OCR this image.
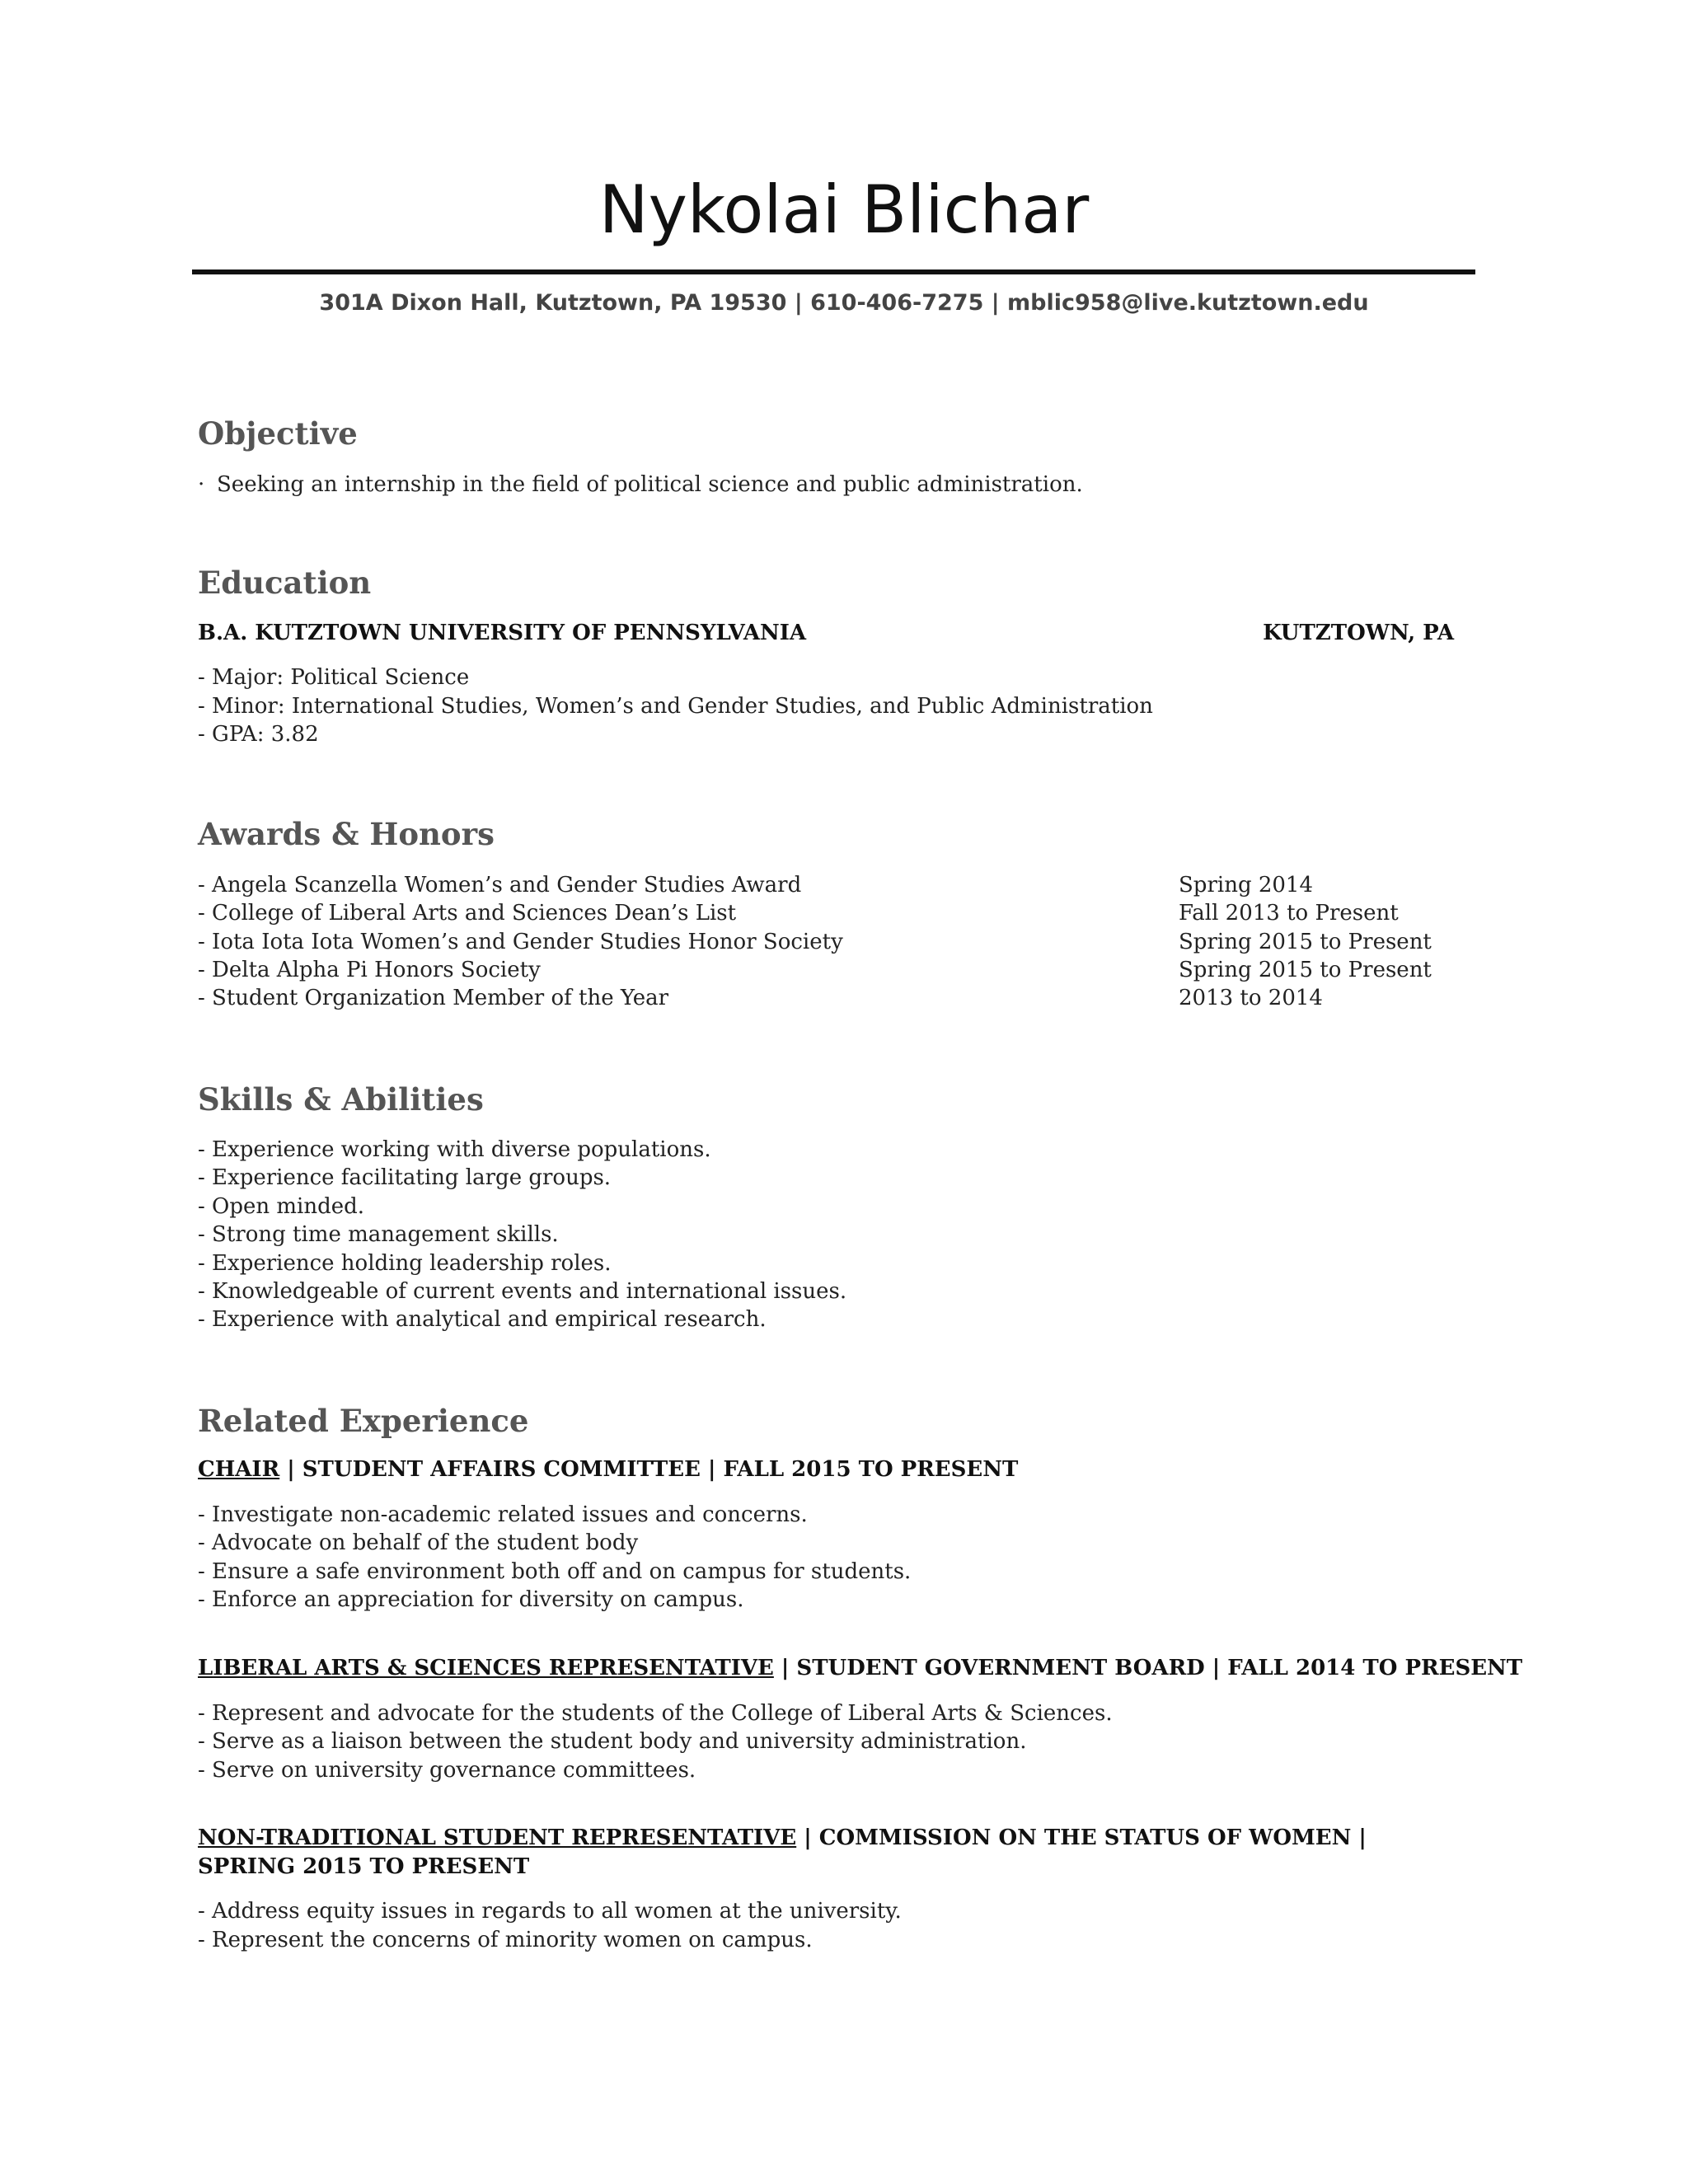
Nykolai Blichar
301A Dixon Hall, Kutztown, PA 19530 | 610-406-7275 | mblic958@live.kutztown.edu
Objective
· Seeking an internship in the field of political science and public administration.
Education
B.A. KUTZTOWN UNIVERSITY OF PENNSYLVANIA	KUTZTOWN, PA
- Major: Political Science
- Minor: International Studies, Women’s and Gender Studies, and Public Administration
- GPA: 3.82
Awards & Honors
- Angela Scanzella Women’s and Gender Studies Award	Spring 2014
- College of Liberal Arts and Sciences Dean’s List	Fall 2013 to Present
- Iota Iota Iota Women’s and Gender Studies Honor Society	Spring 2015 to Present
- Delta Alpha Pi Honors Society	Spring 2015 to Present
- Student Organization Member of the Year	2013 to 2014
Skills & Abilities
- Experience working with diverse populations.
- Experience facilitating large groups.
- Open minded.
- Strong time management skills.
- Experience holding leadership roles.
- Knowledgeable of current events and international issues.
- Experience with analytical and empirical research.
Related Experience
CHAIR | STUDENT AFFAIRS COMMITTEE | FALL 2015 TO PRESENT
- Investigate non-academic related issues and concerns.
- Advocate on behalf of the student body
- Ensure a safe environment both off and on campus for students.
- Enforce an appreciation for diversity on campus.
LIBERAL ARTS & SCIENCES REPRESENTATIVE | STUDENT GOVERNMENT BOARD | FALL 2014 TO PRESENT
- Represent and advocate for the students of the College of Liberal Arts & Sciences.
- Serve as a liaison between the student body and university administration.
- Serve on university governance committees.
NON-TRADITIONAL STUDENT REPRESENTATIVE | COMMISSION ON THE STATUS OF WOMEN | SPRING 2015 TO PRESENT
- Address equity issues in regards to all women at the university.
- Represent the concerns of minority women on campus.
